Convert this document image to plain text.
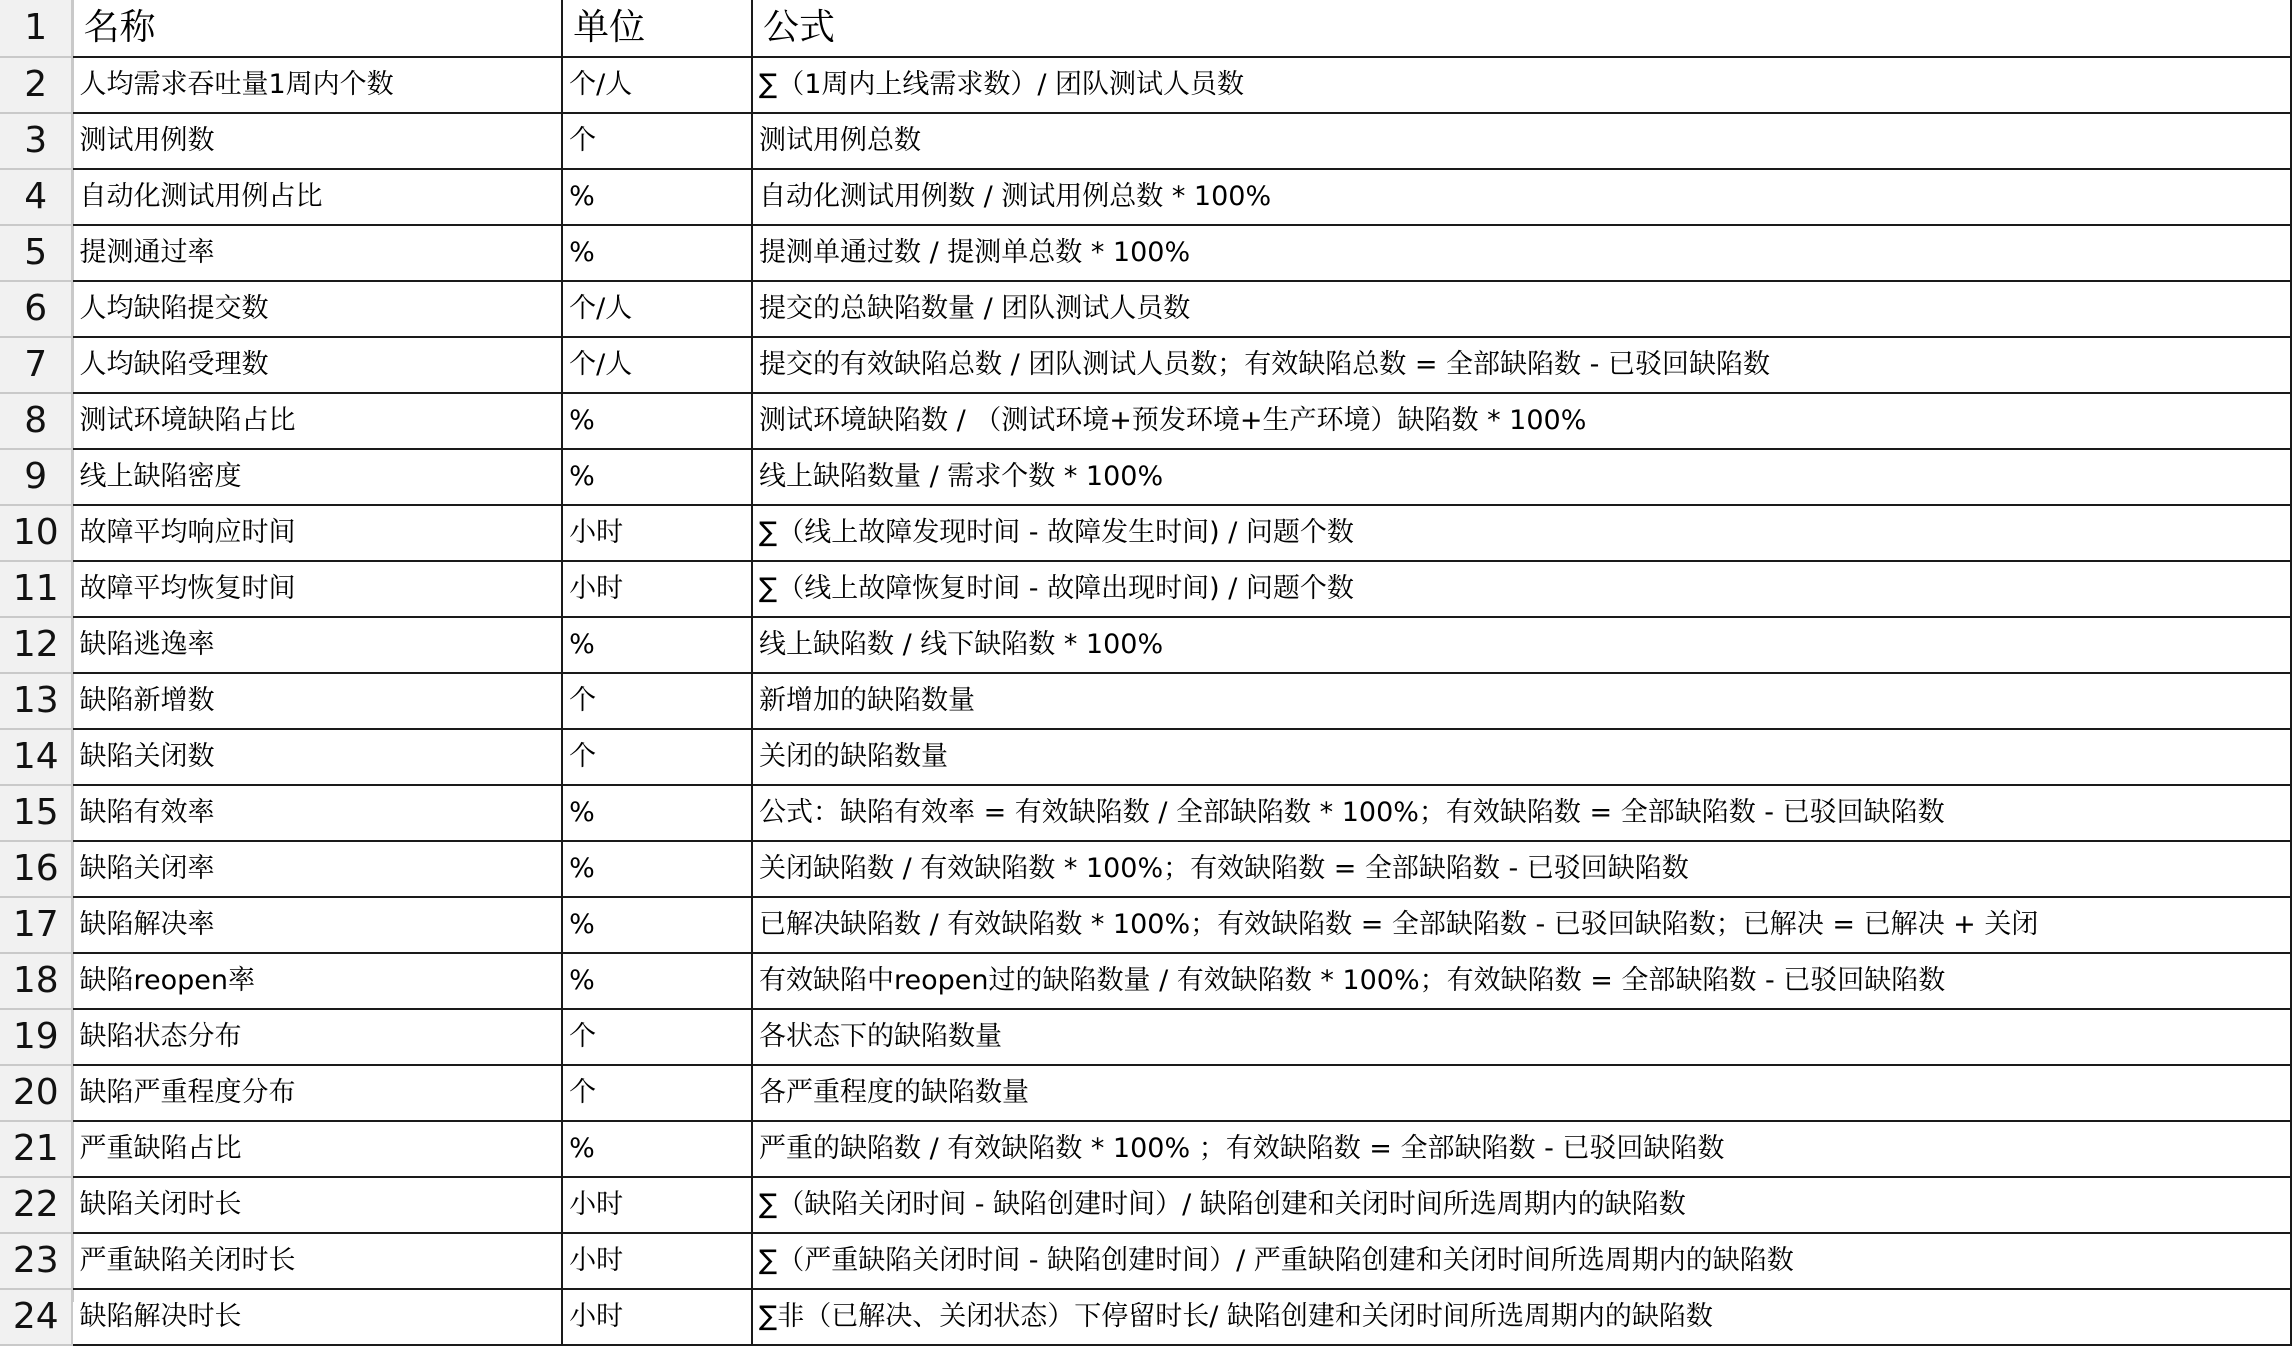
1	名称	单位	公式
2	人均需求吞吐量1周内个数	个/人	∑（1周内上线需求数）/ 团队测试人员数
3	测试用例数	个	测试用例总数
4	自动化测试用例占比	%	自动化测试用例数 / 测试用例总数 * 100%
5	提测通过率	%	提测单通过数 / 提测单总数 * 100%
6	人均缺陷提交数	个/人	提交的总缺陷数量 / 团队测试人员数
7	人均缺陷受理数	个/人	提交的有效缺陷总数 / 团队测试人员数；有效缺陷总数 = 全部缺陷数 - 已驳回缺陷数
8	测试环境缺陷占比	%	测试环境缺陷数 / （测试环境+预发环境+生产环境）缺陷数 * 100%
9	线上缺陷密度	%	线上缺陷数量 / 需求个数 * 100%
10	故障平均响应时间	小时	∑（线上故障发现时间 - 故障发生时间) / 问题个数
11	故障平均恢复时间	小时	∑（线上故障恢复时间 - 故障出现时间) / 问题个数
12	缺陷逃逸率	%	线上缺陷数 / 线下缺陷数 * 100%
13	缺陷新增数	个	新增加的缺陷数量
14	缺陷关闭数	个	关闭的缺陷数量
15	缺陷有效率	%	公式：缺陷有效率 = 有效缺陷数 / 全部缺陷数 * 100%；有效缺陷数 = 全部缺陷数 - 已驳回缺陷数
16	缺陷关闭率	%	关闭缺陷数 / 有效缺陷数 * 100%；有效缺陷数 = 全部缺陷数 - 已驳回缺陷数
17	缺陷解决率	%	已解决缺陷数 / 有效缺陷数 * 100%；有效缺陷数 = 全部缺陷数 - 已驳回缺陷数；已解决 = 已解决 + 关闭
18	缺陷reopen率	%	有效缺陷中reopen过的缺陷数量 / 有效缺陷数 * 100%；有效缺陷数 = 全部缺陷数 - 已驳回缺陷数
19	缺陷状态分布	个	各状态下的缺陷数量
20	缺陷严重程度分布	个	各严重程度的缺陷数量
21	严重缺陷占比	%	严重的缺陷数 / 有效缺陷数 * 100% ；有效缺陷数 = 全部缺陷数 - 已驳回缺陷数
22	缺陷关闭时长	小时	∑（缺陷关闭时间 - 缺陷创建时间）/ 缺陷创建和关闭时间所选周期内的缺陷数
23	严重缺陷关闭时长	小时	∑（严重缺陷关闭时间 - 缺陷创建时间）/ 严重缺陷创建和关闭时间所选周期内的缺陷数
24	缺陷解决时长	小时	∑非（已解决、关闭状态）下停留时长/ 缺陷创建和关闭时间所选周期内的缺陷数
